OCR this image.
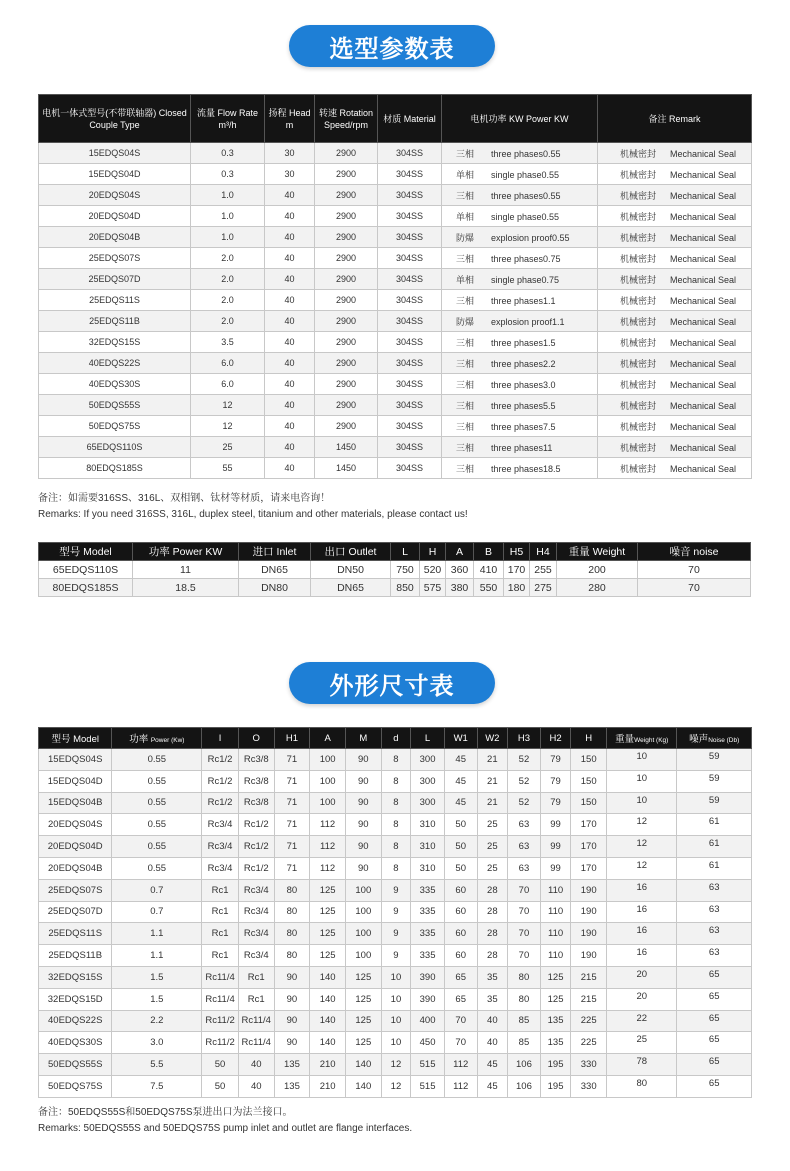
选型参数表
电机一体式型号(不带联轴器) Closed Couple Type	流量 Flow Rate m³/h	扬程 Head m	转速 Rotation Speed/rpm	材质 Material	电机功率 KW Power KW	备注 Remark
15EDQS04S	0.3	30	2900	304SS	三相 three phases0.55	机械密封 Mechanical Seal
15EDQS04D	0.3	30	2900	304SS	单相 single phase0.55	机械密封 Mechanical Seal
20EDQS04S	1.0	40	2900	304SS	三相 three phases0.55	机械密封 Mechanical Seal
20EDQS04D	1.0	40	2900	304SS	单相 single phase0.55	机械密封 Mechanical Seal
20EDQS04B	1.0	40	2900	304SS	防爆 explosion proof0.55	机械密封 Mechanical Seal
25EDQS07S	2.0	40	2900	304SS	三相 three phases0.75	机械密封 Mechanical Seal
25EDQS07D	2.0	40	2900	304SS	单相 single phase0.75	机械密封 Mechanical Seal
25EDQS11S	2.0	40	2900	304SS	三相 three phases1.1	机械密封 Mechanical Seal
25EDQS11B	2.0	40	2900	304SS	防爆 explosion proof1.1	机械密封 Mechanical Seal
32EDQS15S	3.5	40	2900	304SS	三相 three phases1.5	机械密封 Mechanical Seal
40EDQS22S	6.0	40	2900	304SS	三相 three phases2.2	机械密封 Mechanical Seal
40EDQS30S	6.0	40	2900	304SS	三相 three phases3.0	机械密封 Mechanical Seal
50EDQS55S	12	40	2900	304SS	三相 three phases5.5	机械密封 Mechanical Seal
50EDQS75S	12	40	2900	304SS	三相 three phases7.5	机械密封 Mechanical Seal
65EDQS110S	25	40	1450	304SS	三相 three phases11	机械密封 Mechanical Seal
80EDQS185S	55	40	1450	304SS	三相 three phases18.5	机械密封 Mechanical Seal
备注：如需要316SS、316L、双相钢、钛材等材质，请来电咨询！
Remarks: If you need 316SS, 316L, duplex steel, titanium and other materials, please contact us!
型号 Model	功率 Power KW	进口 Inlet	出口 Outlet	L	H	A	B	H5	H4	重量 Weight	噪音 noise
65EDQS110S	11	DN65	DN50	750	520	360	410	170	255	200	70
80EDQS185S	18.5	DN80	DN65	850	575	380	550	180	275	280	70
外形尺寸表
型号 Model	功率 Power (Kw)	I	O	H1	A	M	d	L	W1	W2	H3	H2	H	重量Weight (Kg)	噪声Noise (Db)
15EDQS04S	0.55	Rc1/2	Rc3/8	71	100	90	8	300	45	21	52	79	150	10	59
15EDQS04D	0.55	Rc1/2	Rc3/8	71	100	90	8	300	45	21	52	79	150	10	59
15EDQS04B	0.55	Rc1/2	Rc3/8	71	100	90	8	300	45	21	52	79	150	10	59
20EDQS04S	0.55	Rc3/4	Rc1/2	71	112	90	8	310	50	25	63	99	170	12	61
20EDQS04D	0.55	Rc3/4	Rc1/2	71	112	90	8	310	50	25	63	99	170	12	61
20EDQS04B	0.55	Rc3/4	Rc1/2	71	112	90	8	310	50	25	63	99	170	12	61
25EDQS07S	0.7	Rc1	Rc3/4	80	125	100	9	335	60	28	70	110	190	16	63
25EDQS07D	0.7	Rc1	Rc3/4	80	125	100	9	335	60	28	70	110	190	16	63
25EDQS11S	1.1	Rc1	Rc3/4	80	125	100	9	335	60	28	70	110	190	16	63
25EDQS11B	1.1	Rc1	Rc3/4	80	125	100	9	335	60	28	70	110	190	16	63
32EDQS15S	1.5	Rc11/4	Rc1	90	140	125	10	390	65	35	80	125	215	20	65
32EDQS15D	1.5	Rc11/4	Rc1	90	140	125	10	390	65	35	80	125	215	20	65
40EDQS22S	2.2	Rc11/2	Rc11/4	90	140	125	10	400	70	40	85	135	225	22	65
40EDQS30S	3.0	Rc11/2	Rc11/4	90	140	125	10	450	70	40	85	135	225	25	65
50EDQS55S	5.5	50	40	135	210	140	12	515	112	45	106	195	330	78	65
50EDQS75S	7.5	50	40	135	210	140	12	515	112	45	106	195	330	80	65
备注：50EDQS55S和50EDQS75S泵进出口为法兰接口。
Remarks: 50EDQS55S and 50EDQS75S pump inlet and outlet are flange interfaces.
